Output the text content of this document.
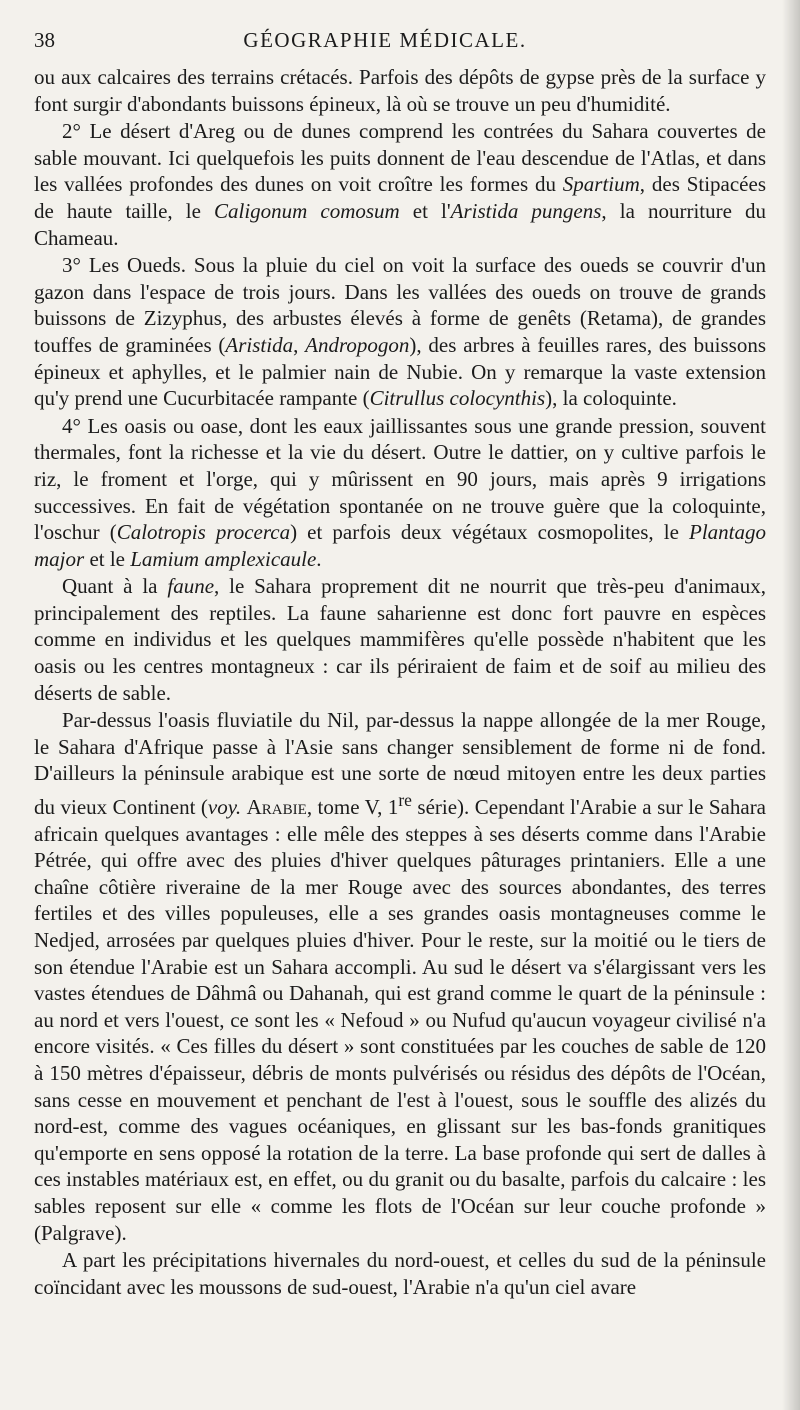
38	GÉOGRAPHIE MÉDICALE.

ou aux calcaires des terrains crétacés. Parfois des dépôts de gypse près de la surface y font surgir d'abondants buissons épineux, là où se trouve un peu d'humidité.

2° Le désert d'Areg ou de dunes comprend les contrées du Sahara couvertes de sable mouvant. Ici quelquefois les puits donnent de l'eau descendue de l'Atlas, et dans les vallées profondes des dunes on voit croître les formes du Spartium, des Stipacées de haute taille, le Caligonum comosum et l'Aristida pungens, la nourriture du Chameau.

3° Les Oueds. Sous la pluie du ciel on voit la surface des oueds se couvrir d'un gazon dans l'espace de trois jours. Dans les vallées des oueds on trouve de grands buissons de Zizyphus, des arbustes élevés à forme de genêts (Retama), de grandes touffes de graminées (Aristida, Andropogon), des arbres à feuilles rares, des buissons épineux et aphylles, et le palmier nain de Nubie. On y remarque la vaste extension qu'y prend une Cucurbitacée rampante (Citrullus colocynthis), la coloquinte.

4° Les oasis ou oase, dont les eaux jaillissantes sous une grande pression, souvent thermales, font la richesse et la vie du désert. Outre le dattier, on y cultive parfois le riz, le froment et l'orge, qui y mûrissent en 90 jours, mais après 9 irrigations successives. En fait de végétation spontanée on ne trouve guère que la coloquinte, l'oschur (Calotropis procerca) et parfois deux végétaux cosmopolites, le Plantago major et le Lamium amplexicaule.

Quant à la faune, le Sahara proprement dit ne nourrit que très-peu d'animaux, principalement des reptiles. La faune saharienne est donc fort pauvre en espèces comme en individus et les quelques mammifères qu'elle possède n'habitent que les oasis ou les centres montagneux : car ils périraient de faim et de soif au milieu des déserts de sable.

Par-dessus l'oasis fluviatile du Nil, par-dessus la nappe allongée de la mer Rouge, le Sahara d'Afrique passe à l'Asie sans changer sensiblement de forme ni de fond. D'ailleurs la péninsule arabique est une sorte de nœud mitoyen entre les deux parties du vieux Continent (voy. Arabie, tome V, 1re série). Cependant l'Arabie a sur le Sahara africain quelques avantages : elle mêle des steppes à ses déserts comme dans l'Arabie Pétrée, qui offre avec des pluies d'hiver quelques pâturages printaniers. Elle a une chaîne côtière riveraine de la mer Rouge avec des sources abondantes, des terres fertiles et des villes populeuses, elle a ses grandes oasis montagneuses comme le Nedjed, arrosées par quelques pluies d'hiver. Pour le reste, sur la moitié ou le tiers de son étendue l'Arabie est un Sahara accompli. Au sud le désert va s'élargissant vers les vastes étendues de Dâhmâ ou Dahanah, qui est grand comme le quart de la péninsule : au nord et vers l'ouest, ce sont les « Nefoud » ou Nufud qu'aucun voyageur civilisé n'a encore visités. « Ces filles du désert » sont constituées par les couches de sable de 120 à 150 mètres d'épaisseur, débris de monts pulvérisés ou résidus des dépôts de l'Océan, sans cesse en mouvement et penchant de l'est à l'ouest, sous le souffle des alizés du nord-est, comme des vagues océaniques, en glissant sur les bas-fonds granitiques qu'emporte en sens opposé la rotation de la terre. La base profonde qui sert de dalles à ces instables matériaux est, en effet, ou du granit ou du basalte, parfois du calcaire : les sables reposent sur elle « comme les flots de l'Océan sur leur couche profonde » (Palgrave).

A part les précipitations hivernales du nord-ouest, et celles du sud de la péninsule coïncidant avec les moussons de sud-ouest, l'Arabie n'a qu'un ciel avare
